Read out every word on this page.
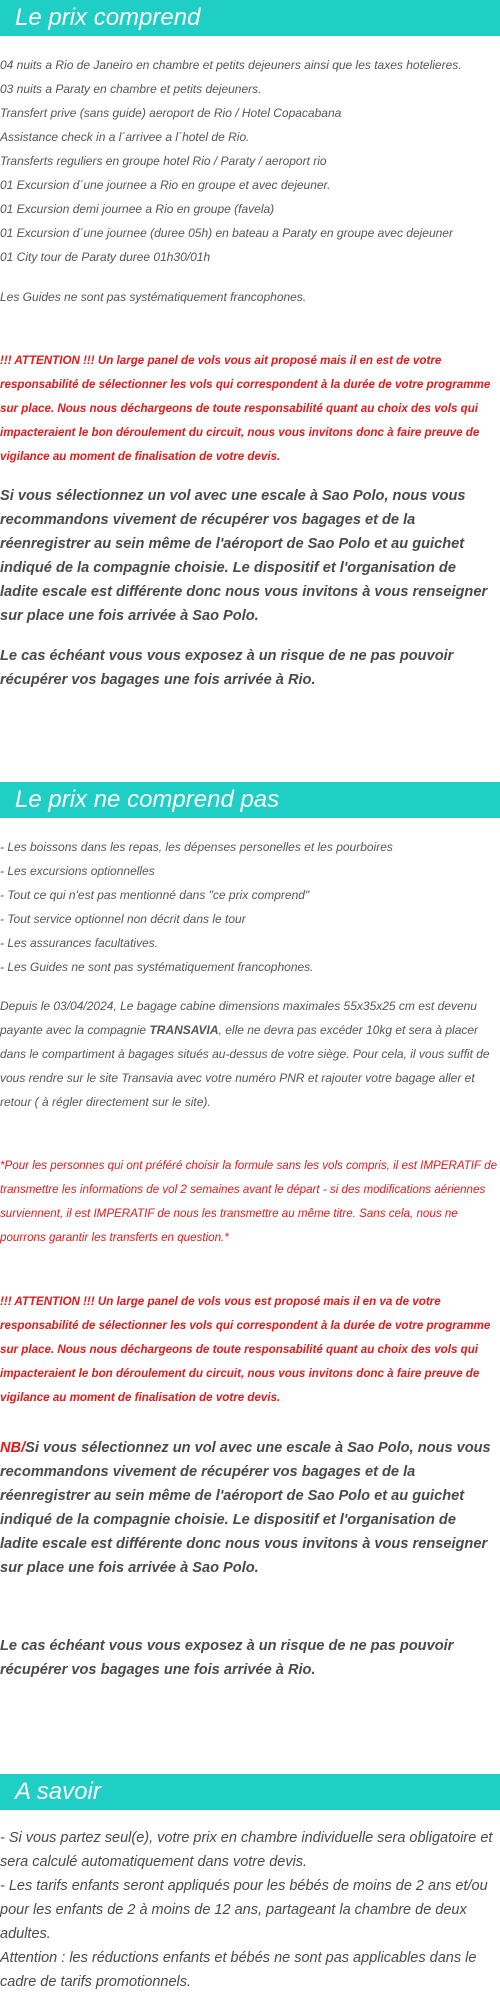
Le prix comprend
04 nuits a Rio de Janeiro en chambre et petits dejeuners ainsi que les taxes hotelieres.
03 nuits a Paraty en chambre et petits dejeuners.
Transfert prive (sans guide) aeroport de Rio / Hotel Copacabana
Assistance check in a l´arrivee a l´hotel de Rio.
Transferts reguliers en groupe hotel Rio / Paraty / aeroport rio
01 Excursion d´une journee a Rio en groupe et avec dejeuner.
01 Excursion demi journee a Rio en groupe (favela)
01 Excursion d´une journee (duree 05h) en bateau a Paraty en groupe avec dejeuner
01 City tour de Paraty duree 01h30/01h
Les Guides ne sont pas systématiquement francophones.
!!! ATTENTION !!! Un large panel de vols vous ait proposé mais il en est de votre responsabilité de sélectionner les vols qui correspondent à la durée de votre programme sur place. Nous nous déchargeons de toute responsabilité quant au choix des vols qui impacteraient le bon déroulement du circuit, nous vous invitons donc à faire preuve de vigilance au moment de finalisation de votre devis.
Si vous sélectionnez un vol avec une escale à Sao Polo, nous vous recommandons vivement de récupérer vos bagages et de la réenregistrer au sein même de l'aéroport de Sao Polo et au guichet indiqué de la compagnie choisie. Le dispositif et l'organisation de ladite escale est différente donc nous vous invitons à vous renseigner sur place une fois arrivée à Sao Polo.
Le cas échéant vous vous exposez à un risque de ne pas pouvoir récupérer vos bagages une fois arrivée à Rio.
Le prix ne comprend pas
- Les boissons dans les repas, les dépenses personelles et les pourboires
- Les excursions optionnelles
- Tout ce qui n'est pas mentionné dans "ce prix comprend"
- Tout service optionnel non décrit dans le tour
- Les assurances facultatives.
- Les Guides ne sont pas systématiquement francophones.
Depuis le 03/04/2024, Le bagage cabine dimensions maximales 55x35x25 cm est devenu payante avec la compagnie TRANSAVIA, elle ne devra pas excéder 10kg et sera à placer dans le compartiment à bagages situés au-dessus de votre siège. Pour cela, il vous suffit de vous rendre sur le site Transavia avec votre numéro PNR et rajouter votre bagage aller et retour ( à régler directement sur le site).
*Pour les personnes qui ont préféré choisir la formule sans les vols compris, il est IMPERATIF de transmettre les informations de vol 2 semaines avant le départ - si des modifications aériennes surviennent, il est IMPERATIF de nous les transmettre au même titre. Sans cela, nous ne pourrons garantir les transferts en question.*
!!! ATTENTION !!! Un large panel de vols vous est proposé mais il en va de votre responsabilité de sélectionner les vols qui correspondent à la durée de votre programme sur place. Nous nous déchargeons de toute responsabilité quant au choix des vols qui impacteraient le bon déroulement du circuit, nous vous invitons donc à faire preuve de vigilance au moment de finalisation de votre devis.
NB/Si vous sélectionnez un vol avec une escale à Sao Polo, nous vous recommandons vivement de récupérer vos bagages et de la réenregistrer au sein même de l'aéroport de Sao Polo et au guichet indiqué de la compagnie choisie. Le dispositif et l'organisation de ladite escale est différente donc nous vous invitons à vous renseigner sur place une fois arrivée à Sao Polo.
Le cas échéant vous vous exposez à un risque de ne pas pouvoir récupérer vos bagages une fois arrivée à Rio.
A savoir
- Si vous partez seul(e), votre prix en chambre individuelle sera obligatoire et sera calculé automatiquement dans votre devis.
- Les tarifs enfants seront appliqués pour les bébés de moins de 2 ans et/ou pour les enfants de 2 à moins de 12 ans, partageant la chambre de deux adultes.
Attention : les réductions enfants et bébés ne sont pas applicables dans le cadre de tarifs promotionnels.
